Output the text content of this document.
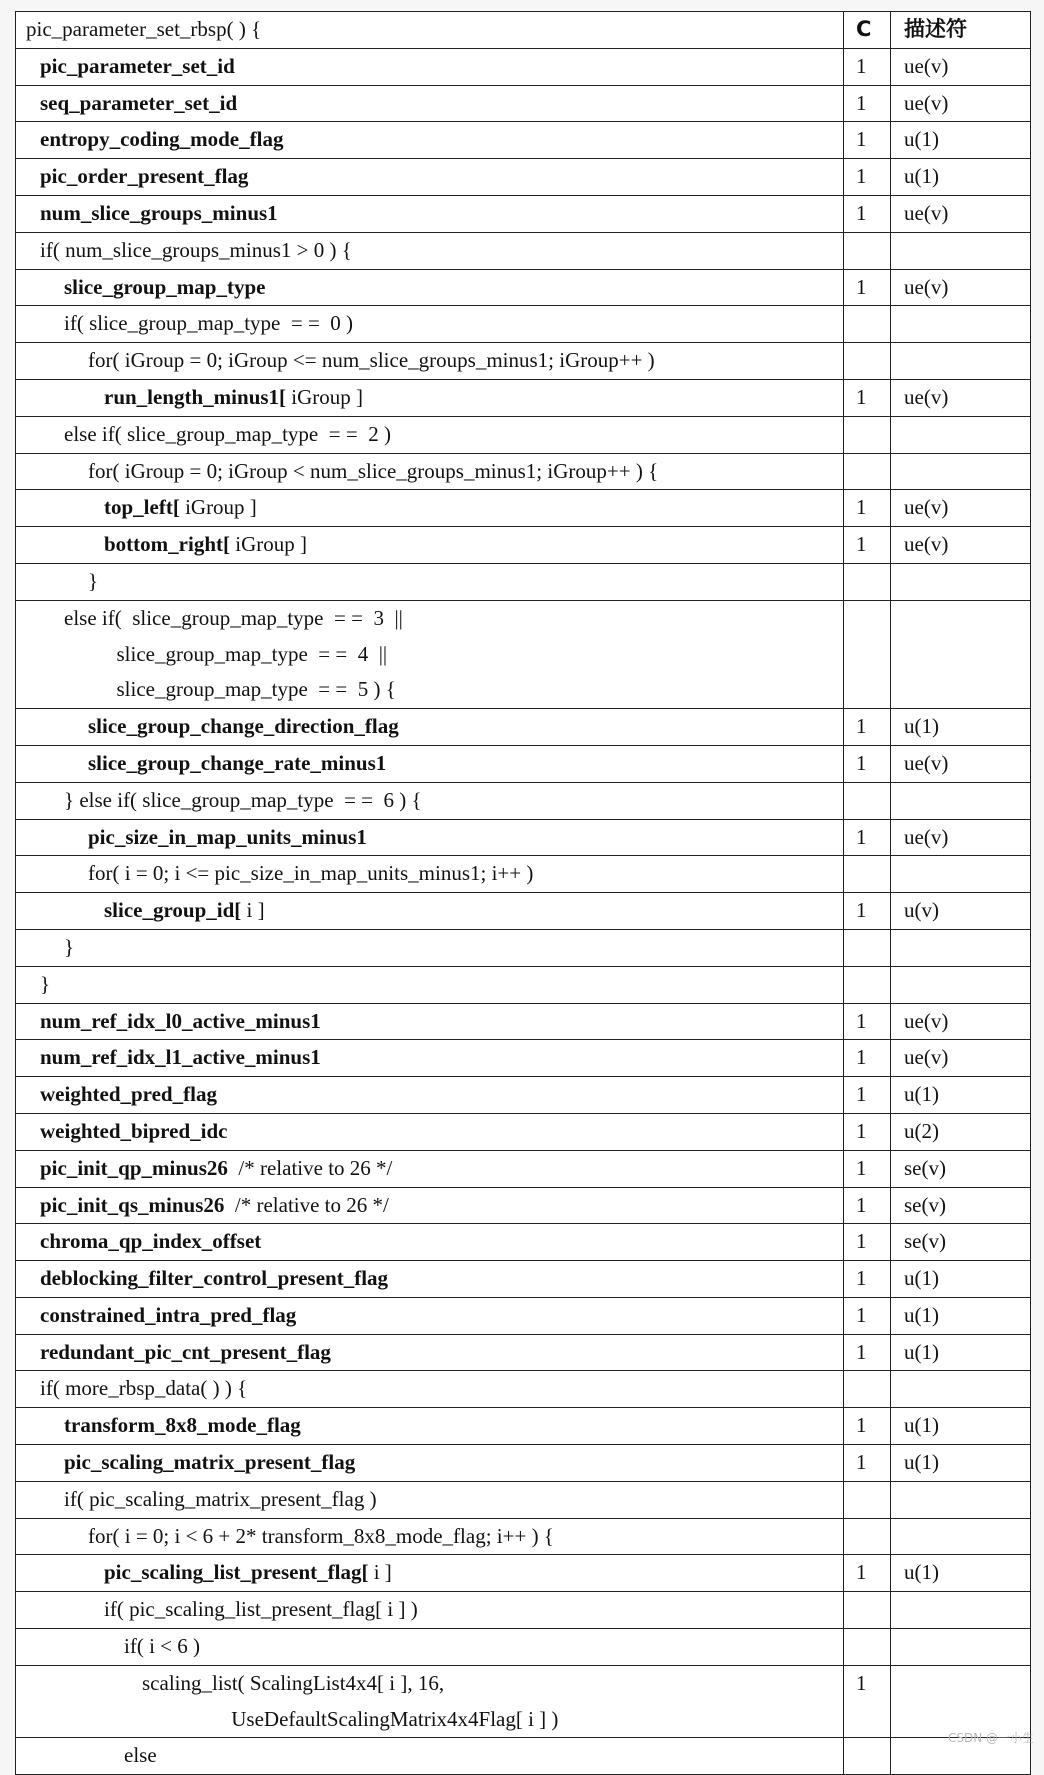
pic_parameter_set_rbsp( ) {	C	描述符

pic_parameter_set_id	1	ue(v)

seq_parameter_set_id	1	ue(v)

entropy_coding_mode_flag	1	u(1)

pic_order_present_flag	1	u(1)

num_slice_groups_minus1	1	ue(v)

if( num_slice_groups_minus1 > 0 ) {		

slice_group_map_type	1	ue(v)

if( slice_group_map_type  = =  0 )		

for( iGroup = 0; iGroup <= num_slice_groups_minus1; iGroup++ )		

run_length_minus1[ iGroup ]	1	ue(v)

else if( slice_group_map_type  = =  2 )		

for( iGroup = 0; iGroup < num_slice_groups_minus1; iGroup++ ) {		

top_left[ iGroup ]	1	ue(v)
bottom_right[ iGroup ]	1	ue(v)

}		

else if(  slice_group_map_type  = =  3  ||
slice_group_map_type  = =  4  ||
slice_group_map_type  = =  5 ) {		

slice_group_change_direction_flag	1	u(1)

slice_group_change_rate_minus1	1	ue(v)

} else if( slice_group_map_type  = =  6 ) {		

pic_size_in_map_units_minus1	1	ue(v)

for( i = 0; i <= pic_size_in_map_units_minus1; i++ )		

slice_group_id[ i ]	1	u(v)

}		

}		

num_ref_idx_l0_active_minus1	1	ue(v)

num_ref_idx_l1_active_minus1	1	ue(v)

weighted_pred_flag	1	u(1)

weighted_bipred_idc	1	u(2)
pic_init_qp_minus26  /* relative to 26 */	1	se(v)
pic_init_qs_minus26  /* relative to 26 */	1	se(v)

chroma_qp_index_offset	1	se(v)

deblocking_filter_control_present_flag	1	u(1)

constrained_intra_pred_flag	1	u(1)

redundant_pic_cnt_present_flag	1	u(1)

if( more_rbsp_data( ) ) {		

transform_8x8_mode_flag	1	u(1)

pic_scaling_matrix_present_flag	1	u(1)

if( pic_scaling_matrix_present_flag )		

for( i = 0; i < 6 + 2* transform_8x8_mode_flag; i++ ) {		

pic_scaling_list_present_flag[ i ]	1	u(1)

if( pic_scaling_list_present_flag[ i ] )		

if( i < 6 )		

scaling_list( ScalingList4x4[ i ], 16,
UseDefaultScalingMatrix4x4Flag[ i ] )	1	

else		

CSDN @一小生
